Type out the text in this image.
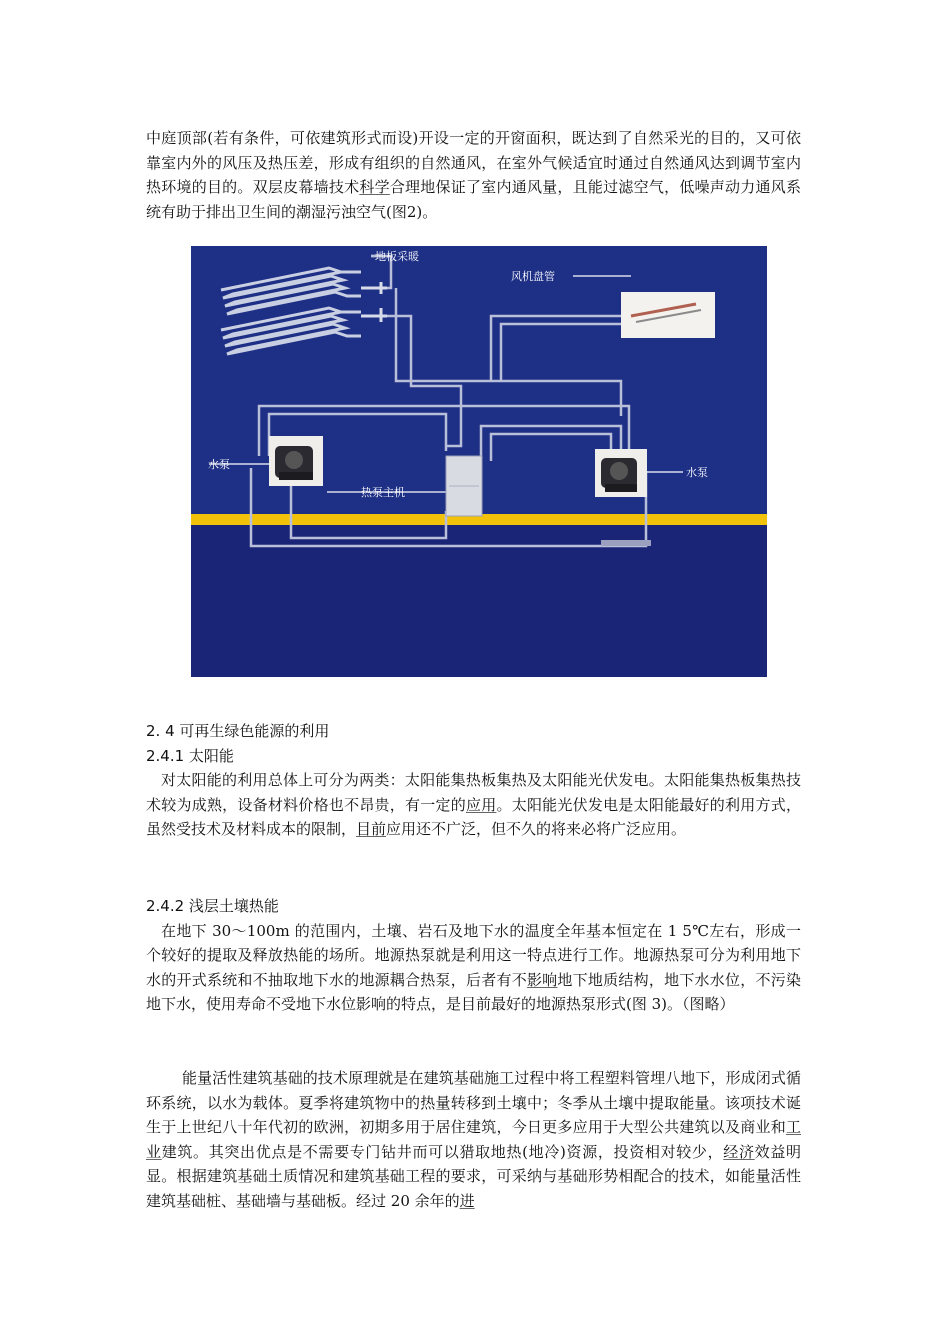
中庭顶部(若有条件，可依建筑形式而设)开设一定的开窗面积，既达到了自然采光的目的，又可依靠室内外的风压及热压差，形成有组织的自然通风，在室外气候适宜时通过自然通风达到调节室内热环境的目的。双层皮幕墙技术科学合理地保证了室内通风量，且能过滤空气，低噪声动力通风系统有助于排出卫生间的潮湿污浊空气(图2)。

地板采暖
风机盘管
水泵
水泵
热泵主机

2. 4 可再生绿色能源的利用

2.4.1 太阳能

对太阳能的利用总体上可分为两类：太阳能集热板集热及太阳能光伏发电。太阳能集热板集热技术较为成熟，设备材料价格也不昂贵，有一定的应用。太阳能光伏发电是太阳能最好的利用方式，虽然受技术及材料成本的限制，目前应用还不广泛，但不久的将来必将广泛应用。

2.4.2 浅层土壤热能

在地下 30～100m 的范围内，土壤、岩石及地下水的温度全年基本恒定在 1 5℃左右，形成一个较好的提取及释放热能的场所。地源热泵就是利用这一特点进行工作。地源热泵可分为利用地下水的开式系统和不抽取地下水的地源耦合热泵，后者有不影响地下地质结构，地下水水位，不污染地下水，使用寿命不受地下水位影响的特点，是目前最好的地源热泵形式(图 3)。（图略）

能量活性建筑基础的技术原理就是在建筑基础施工过程中将工程塑料管埋八地下，形成闭式循环系统，以水为载体。夏季将建筑物中的热量转移到土壤中；冬季从土壤中提取能量。该项技术诞生于上世纪八十年代初的欧洲，初期多用于居住建筑，今日更多应用于大型公共建筑以及商业和工业建筑。其突出优点是不需要专门钻井而可以猎取地热(地冷)资源，投资相对较少，经济效益明显。根据建筑基础土质情况和建筑基础工程的要求，可采纳与基础形势相配合的技术，如能量活性建筑基础桩、基础墙与基础板。经过 20 余年的进
